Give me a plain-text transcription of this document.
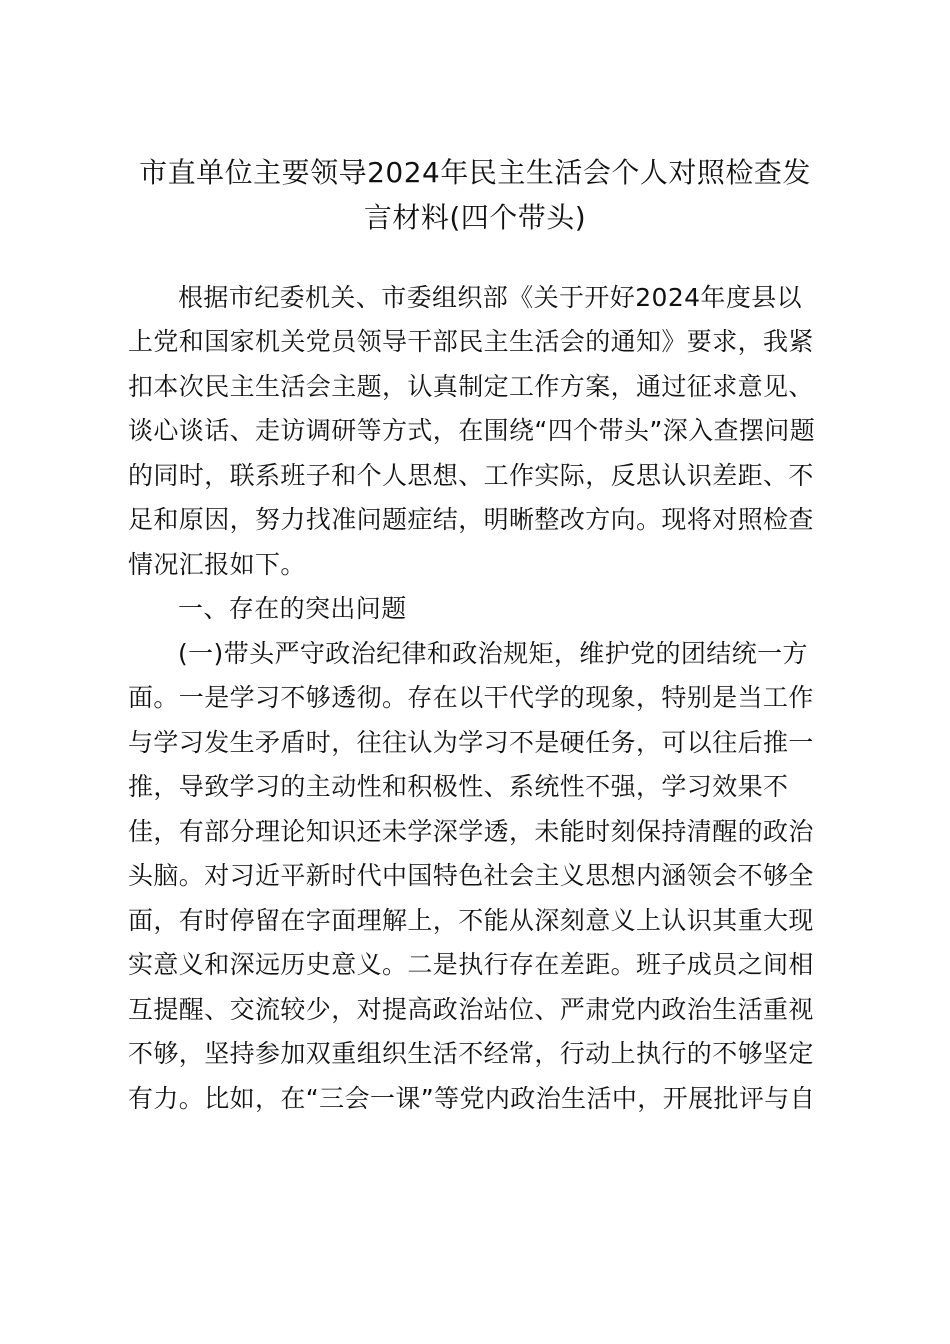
市直单位主要领导2024年民主生活会个人对照检查发
言材料(四个带头)
根据市纪委机关、市委组织部《关于开好2024年度县以
上党和国家机关党员领导干部民主生活会的通知》要求，我紧
扣本次民主生活会主题，认真制定工作方案，通过征求意见、
谈心谈话、走访调研等方式，在围绕“四个带头”深入查摆问题
的同时，联系班子和个人思想、工作实际，反思认识差距、不
足和原因，努力找准问题症结，明晰整改方向。现将对照检查
情况汇报如下。
一、存在的突出问题
(一)带头严守政治纪律和政治规矩，维护党的团结统一方
面。一是学习不够透彻。存在以干代学的现象，特别是当工作
与学习发生矛盾时，往往认为学习不是硬任务，可以往后推一
推，导致学习的主动性和积极性、系统性不强，学习效果不
佳，有部分理论知识还未学深学透，未能时刻保持清醒的政治
头脑。对习近平新时代中国特色社会主义思想内涵领会不够全
面，有时停留在字面理解上，不能从深刻意义上认识其重大现
实意义和深远历史意义。二是执行存在差距。班子成员之间相
互提醒、交流较少，对提高政治站位、严肃党内政治生活重视
不够，坚持参加双重组织生活不经常，行动上执行的不够坚定
有力。比如，在“三会一课”等党内政治生活中，开展批评与自
